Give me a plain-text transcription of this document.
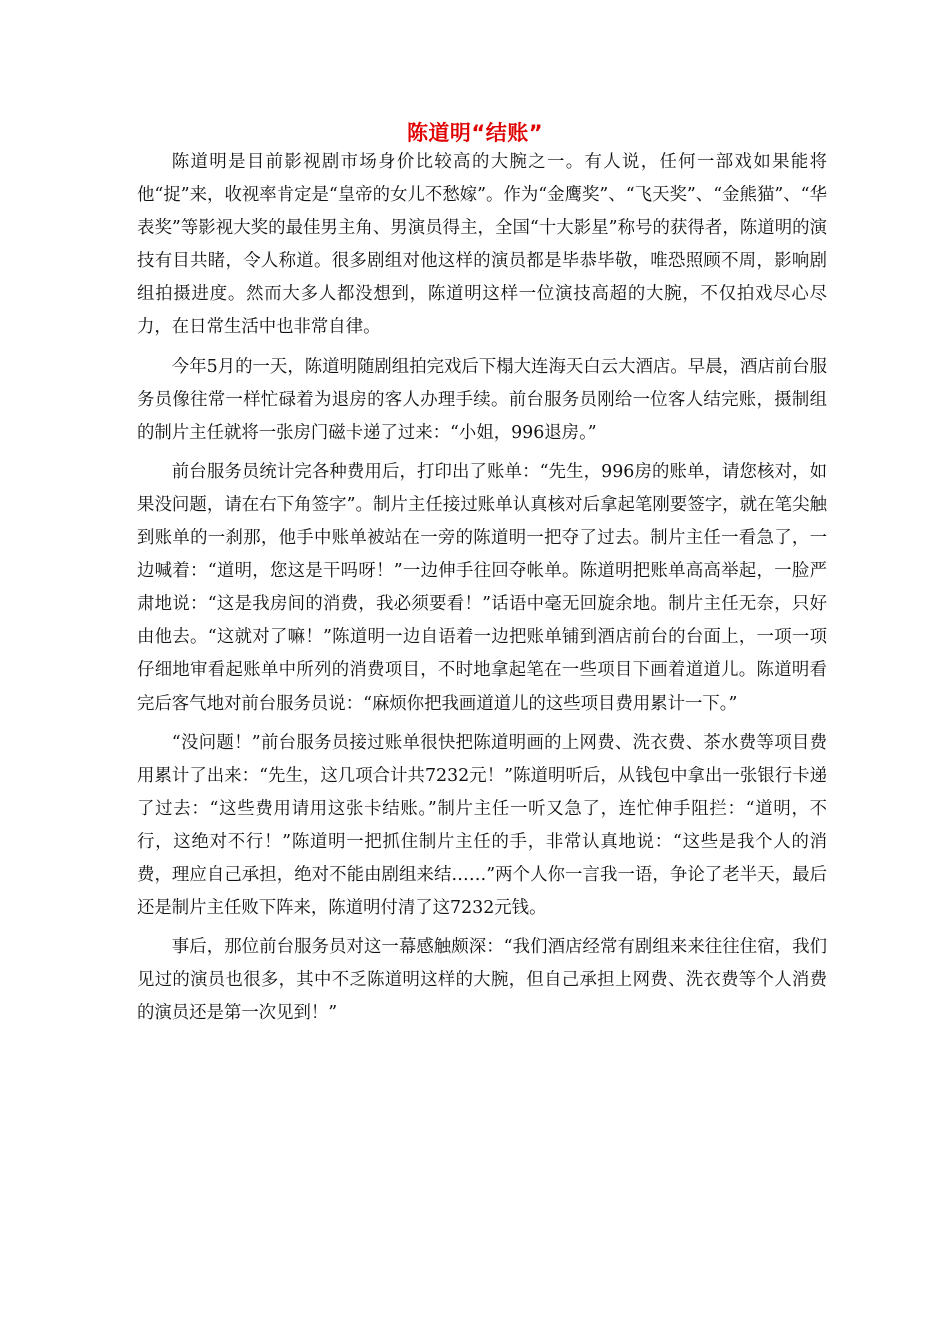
陈道明“结账”

陈道明是目前影视剧市场身价比较高的大腕之一。有人说，任何一部戏如果能将他“捉”来，收视率肯定是“皇帝的女儿不愁嫁”。作为“金鹰奖”、“飞天奖”、“金熊猫”、“华表奖”等影视大奖的最佳男主角、男演员得主，全国“十大影星”称号的获得者，陈道明的演技有目共睹，令人称道。很多剧组对他这样的演员都是毕恭毕敬，唯恐照顾不周，影响剧组拍摄进度。然而大多人都没想到，陈道明这样一位演技高超的大腕，不仅拍戏尽心尽力，在日常生活中也非常自律。

今年5月的一天，陈道明随剧组拍完戏后下榻大连海天白云大酒店。早晨，酒店前台服务员像往常一样忙碌着为退房的客人办理手续。前台服务员刚给一位客人结完账，摄制组的制片主任就将一张房门磁卡递了过来：“小姐，996退房。”

前台服务员统计完各种费用后，打印出了账单：“先生，996房的账单，请您核对，如果没问题，请在右下角签字”。制片主任接过账单认真核对后拿起笔刚要签字，就在笔尖触到账单的一刹那，他手中账单被站在一旁的陈道明一把夺了过去。制片主任一看急了，一边喊着：“道明，您这是干吗呀！”一边伸手往回夺帐单。陈道明把账单高高举起，一脸严肃地说：“这是我房间的消费，我必须要看！”话语中毫无回旋余地。制片主任无奈，只好由他去。“这就对了嘛！”陈道明一边自语着一边把账单铺到酒店前台的台面上，一项一项仔细地审看起账单中所列的消费项目，不时地拿起笔在一些项目下画着道道儿。陈道明看完后客气地对前台服务员说：“麻烦你把我画道道儿的这些项目费用累计一下。”

“没问题！”前台服务员接过账单很快把陈道明画的上网费、洗衣费、茶水费等项目费用累计了出来：“先生，这几项合计共7232元！”陈道明听后，从钱包中拿出一张银行卡递了过去：“这些费用请用这张卡结账。”制片主任一听又急了，连忙伸手阻拦：“道明，不行，这绝对不行！”陈道明一把抓住制片主任的手，非常认真地说：“这些是我个人的消费，理应自己承担，绝对不能由剧组来结……”两个人你一言我一语，争论了老半天，最后还是制片主任败下阵来，陈道明付清了这7232元钱。

事后，那位前台服务员对这一幕感触颇深：“我们酒店经常有剧组来来往往住宿，我们见过的演员也很多，其中不乏陈道明这样的大腕，但自己承担上网费、洗衣费等个人消费的演员还是第一次见到！”
